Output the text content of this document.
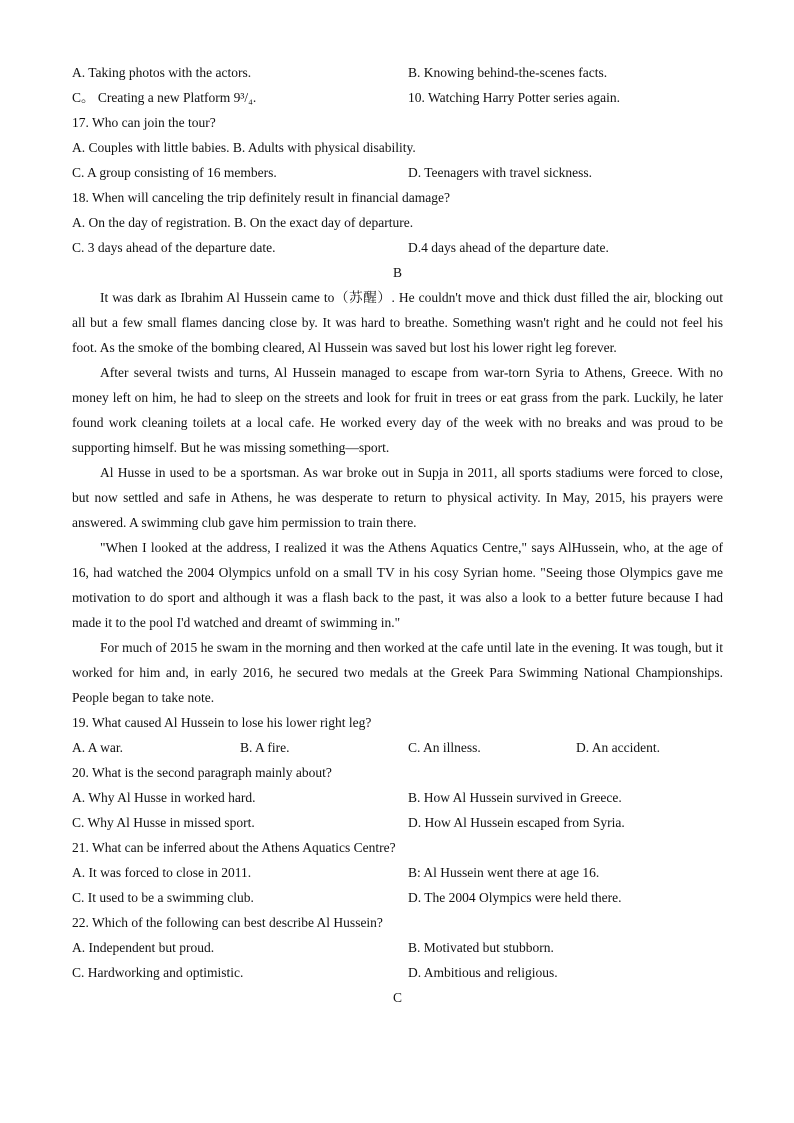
A. Taking photos with the actors.	B. Knowing behind-the-scenes facts.
C。 Creating a new Platform 9³/₄.	10. Watching Harry Potter series again.
17. Who can join the tour?
A. Couples with little babies. B. Adults with physical disability.
C. A group consisting of 16 members.	D. Teenagers with travel sickness.
18. When will canceling the trip definitely result in financial damage?
A. On the day of registration. B. On the exact day of departure.
C. 3 days ahead of the departure date.	D.4 days ahead of the departure date.
B

It was dark as Ibrahim Al Hussein came to（苏醒）. He couldn't move and thick dust filled the air, blocking out all but a few small flames dancing close by. It was hard to breathe. Something wasn't right and he could not feel his foot. As the smoke of the bombing cleared, Al Hussein was saved but lost his lower right leg forever.

After several twists and turns, Al Hussein managed to escape from war-torn Syria to Athens, Greece. With no money left on him, he had to sleep on the streets and look for fruit in trees or eat grass from the park. Luckily, he later found work cleaning toilets at a local cafe. He worked every day of the week with no breaks and was proud to be supporting himself. But he was missing something—sport.

Al Husse in used to be a sportsman. As war broke out in Supja in 2011, all sports stadiums were forced to close, but now settled and safe in Athens, he was desperate to return to physical activity. In May, 2015, his prayers were answered. A swimming club gave him permission to train there.

"When I looked at the address, I realized it was the Athens Aquatics Centre," says AlHussein, who, at the age of 16, had watched the 2004 Olympics unfold on a small TV in his cosy Syrian home. "Seeing those Olympics gave me motivation to do sport and although it was a flash back to the past, it was also a look to a better future because I had made it to the pool I'd watched and dreamt of swimming in."

For much of 2015 he swam in the morning and then worked at the cafe until late in the evening. It was tough, but it worked for him and, in early 2016, he secured two medals at the Greek Para Swimming National Championships. People began to take note.

19. What caused Al Hussein to lose his lower right leg?
A. A war.	B. A fire.	C. An illness.	D. An accident.
20. What is the second paragraph mainly about?
A. Why Al Husse in worked hard.	B. How Al Hussein survived in Greece.
C. Why Al Husse in missed sport.	D. How Al Hussein escaped from Syria.
21. What can be inferred about the Athens Aquatics Centre?
A. It was forced to close in 2011.	B: Al Hussein went there at age 16.
C. It used to be a swimming club.	D. The 2004 Olympics were held there.
22. Which of the following can best describe Al Hussein?
A. Independent but proud.	B. Motivated but stubborn.
C. Hardworking and optimistic.	D. Ambitious and religious.
C
